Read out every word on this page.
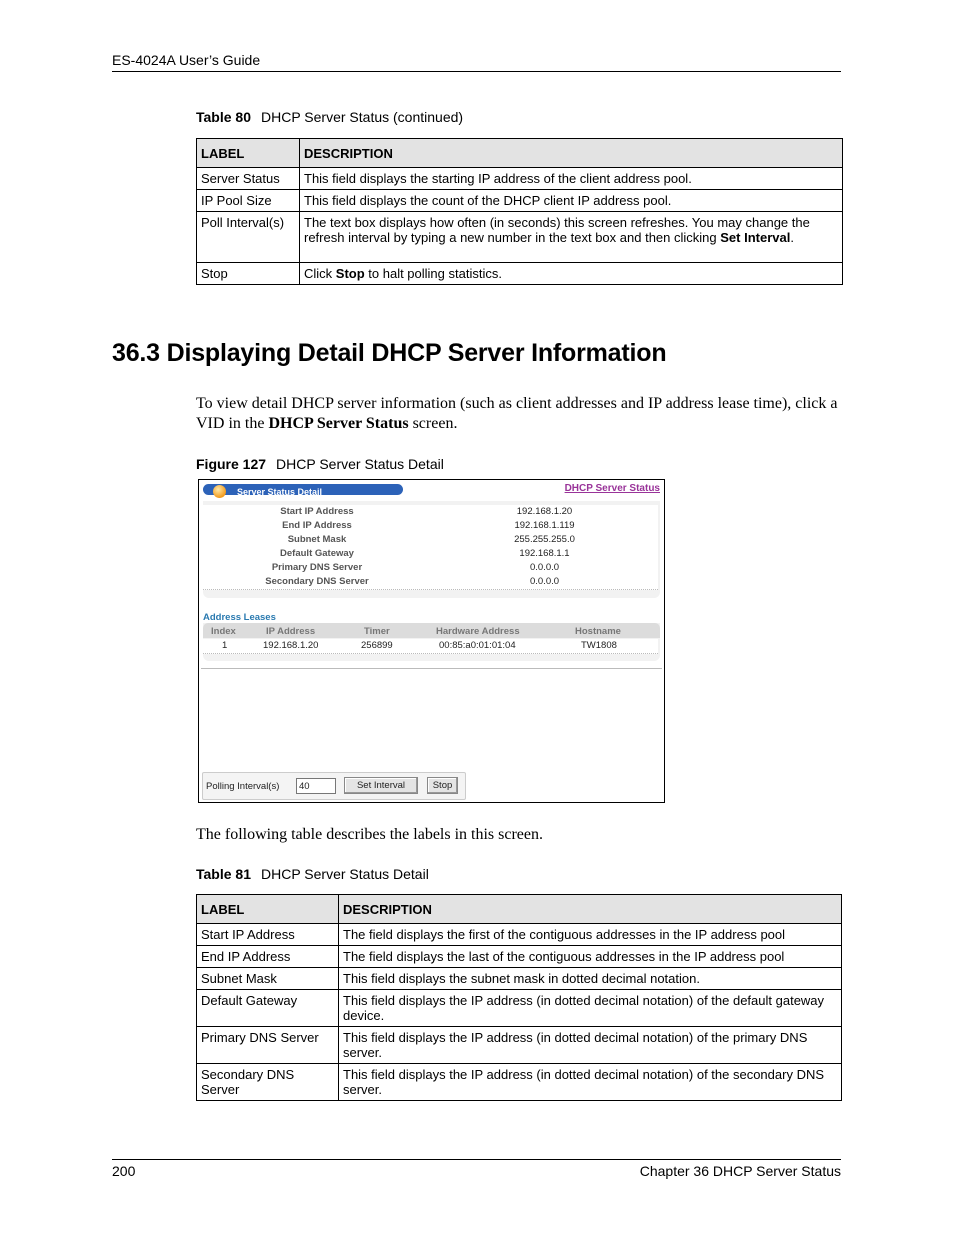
ES-4024A User’s Guide
Table 80 DHCP Server Status (continued)
LABEL	DESCRIPTION
Server Status	This field displays the starting IP address of the client address pool.
IP Pool Size	This field displays the count of the DHCP client IP address pool.
Poll Interval(s)	The text box displays how often (in seconds) this screen refreshes. You may change the refresh interval by typing a new number in the text box and then clicking Set Interval.
Stop	Click Stop to halt polling statistics.
36.3 Displaying Detail DHCP Server Information
To view detail DHCP server information (such as client addresses and IP address lease time), click a VID in the DHCP Server Status screen.
Figure 127 DHCP Server Status Detail
Server Status Detail	DHCP Server Status
Start IP Address	192.168.1.20
End IP Address	192.168.1.119
Subnet Mask	255.255.255.0
Default Gateway	192.168.1.1
Primary DNS Server	0.0.0.0
Secondary DNS Server	0.0.0.0
Address Leases
Index	IP Address	Timer	Hardware Address	Hostname
1	192.168.1.20	256899	00:85:a0:01:01:04	TW1808
Polling Interval(s)
40	Set Interval	Stop
The following table describes the labels in this screen.
Table 81 DHCP Server Status Detail
LABEL	DESCRIPTION
Start IP Address	The field displays the first of the contiguous addresses in the IP address pool
End IP Address	The field displays the last of the contiguous addresses in the IP address pool
Subnet Mask	This field displays the subnet mask in dotted decimal notation.
Default Gateway	This field displays the IP address (in dotted decimal notation) of the default gateway device.
Primary DNS Server	This field displays the IP address (in dotted decimal notation) of the primary DNS server.
Secondary DNS Server	This field displays the IP address (in dotted decimal notation) of the secondary DNS server.
200	Chapter 36 DHCP Server Status
